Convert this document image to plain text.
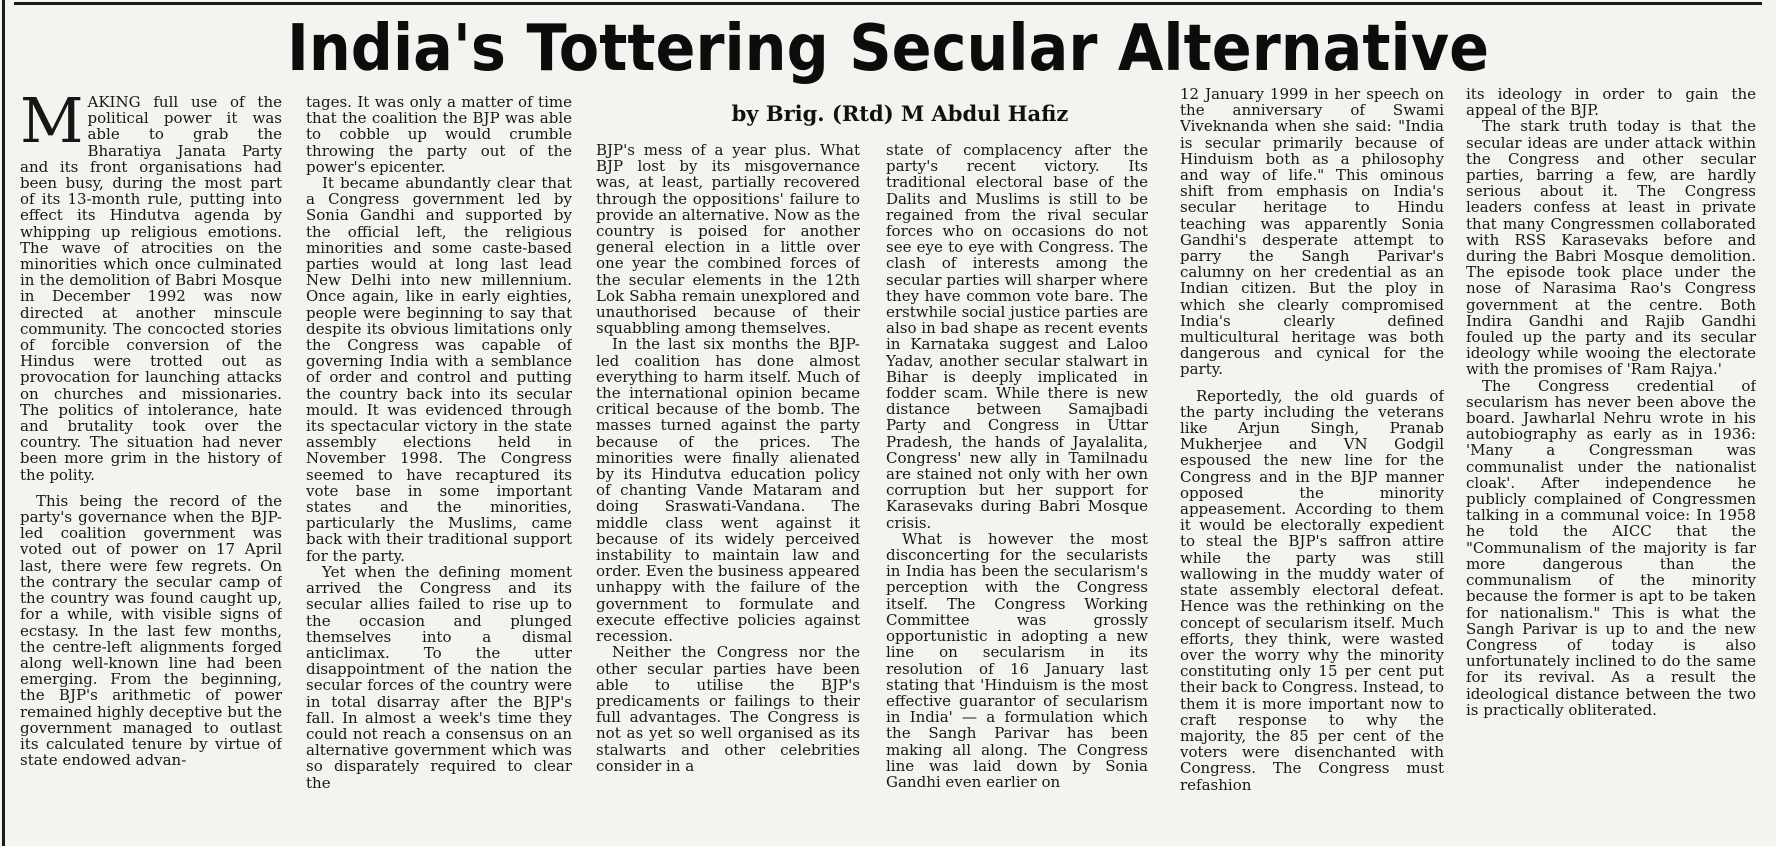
India's Tottering Secular Alternative
by Brig. (Rtd) M Abdul Hafiz

MAKING full use of the political power it was able to grab the Bharatiya Janata Party and its front organisations had been busy, during the most part of its 13-month rule, putting into effect its Hindutva agenda by whipping up religious emotions. The wave of atrocities on the minorities which once culminated in the demolition of Babri Mosque in December 1992 was now directed at another minscule community. The concocted stories of forcible conversion of the Hindus were trotted out as provocation for launching attacks on churches and missionaries. The politics of intolerance, hate and brutality took over the country. The situation had never been more grim in the history of the polity.

This being the record of the party's governance when the BJP-led coalition government was voted out of power on 17 April last, there were few regrets. On the contrary the secular camp of the country was found caught up, for a while, with visible signs of ecstasy. In the last few months, the centre-left alignments forged along well-known line had been emerging. From the beginning, the BJP's arithmetic of power remained highly deceptive but the government managed to outlast its calculated tenure by virtue of state endowed advan-

tages. It was only a matter of time that the coalition the BJP was able to cobble up would crumble throwing the party out of the power's epicenter.

It became abundantly clear that a Congress government led by Sonia Gandhi and supported by the official left, the religious minorities and some caste-based parties would at long last lead New Delhi into new millennium. Once again, like in early eighties, people were beginning to say that despite its obvious limitations only the Congress was capable of governing India with a semblance of order and control and putting the country back into its secular mould. It was evidenced through its spectacular victory in the state assembly elections held in November 1998. The Congress seemed to have recaptured its vote base in some important states and the minorities, particularly the Muslims, came back with their traditional support for the party.

Yet when the defining moment arrived the Congress and its secular allies failed to rise up to the occasion and plunged themselves into a dismal anticlimax. To the utter disappointment of the nation the secular forces of the country were in total disarray after the BJP's fall. In almost a week's time they could not reach a consensus on an alternative government which was so disparately required to clear the

BJP's mess of a year plus. What BJP lost by its misgovernance was, at least, partially recovered through the oppositions' failure to provide an alternative. Now as the country is poised for another general election in a little over one year the combined forces of the secular elements in the 12th Lok Sabha remain unexplored and unauthorised because of their squabbling among themselves.

In the last six months the BJP-led coalition has done almost everything to harm itself. Much of the international opinion became critical because of the bomb. The masses turned against the party because of the prices. The minorities were finally alienated by its Hindutva education policy of chanting Vande Mataram and doing Sraswati-Vandana. The middle class went against it because of its widely perceived instability to maintain law and order. Even the business appeared unhappy with the failure of the government to formulate and execute effective policies against recession.

Neither the Congress nor the other secular parties have been able to utilise the BJP's predicaments or failings to their full advantages. The Congress is not as yet so well organised as its stalwarts and other celebrities consider in a

state of complacency after the party's recent victory. Its traditional electoral base of the Dalits and Muslims is still to be regained from the rival secular forces who on occasions do not see eye to eye with Congress. The clash of interests among the secular parties will sharper where they have common vote bare. The erstwhile social justice parties are also in bad shape as recent events in Karnataka suggest and Laloo Yadav, another secular stalwart in Bihar is deeply implicated in fodder scam. While there is new distance between Samajbadi Party and Congress in Uttar Pradesh, the hands of Jayalalita, Congress' new ally in Tamilnadu are stained not only with her own corruption but her support for Karasevaks during Babri Mosque crisis.

What is however the most disconcerting for the secularists in India has been the secularism's perception with the Congress itself. The Congress Working Committee was grossly opportunistic in adopting a new line on secularism in its resolution of 16 January last stating that 'Hinduism is the most effective guarantor of secularism in India' — a formulation which the Sangh Parivar has been making all along. The Congress line was laid down by Sonia Gandhi even earlier on

12 January 1999 in her speech on the anniversary of Swami Viveknanda when she said: "India is secular primarily because of Hinduism both as a philosophy and way of life." This ominous shift from emphasis on India's secular heritage to Hindu teaching was apparently Sonia Gandhi's desperate attempt to parry the Sangh Parivar's calumny on her credential as an Indian citizen. But the ploy in which she clearly compromised India's clearly defined multicultural heritage was both dangerous and cynical for the party.

Reportedly, the old guards of the party including the veterans like Arjun Singh, Pranab Mukherjee and VN Godgil espoused the new line for the Congress and in the BJP manner opposed the minority appeasement. According to them it would be electorally expedient to steal the BJP's saffron attire while the party was still wallowing in the muddy water of state assembly electoral defeat. Hence was the rethinking on the concept of secularism itself. Much efforts, they think, were wasted over the worry why the minority constituting only 15 per cent put their back to Congress. Instead, to them it is more important now to craft response to why the majority, the 85 per cent of the voters were disenchanted with Congress. The Congress must refashion

its ideology in order to gain the appeal of the BJP.

The stark truth today is that the secular ideas are under attack within the Congress and other secular parties, barring a few, are hardly serious about it. The Congress leaders confess at least in private that many Congressmen collaborated with RSS Karasevaks before and during the Babri Mosque demolition. The episode took place under the nose of Narasima Rao's Congress government at the centre. Both Indira Gandhi and Rajib Gandhi fouled up the party and its secular ideology while wooing the electorate with the promises of 'Ram Rajya.'

The Congress credential of secularism has never been above the board. Jawharlal Nehru wrote in his autobiography as early as in 1936: 'Many a Congressman was communalist under the nationalist cloak'. After independence he publicly complained of Congressmen talking in a communal voice: In 1958 he told the AICC that the "Communalism of the majority is far more dangerous than the communalism of the minority because the former is apt to be taken for nationalism." This is what the Sangh Parivar is up to and the new Congress of today is also unfortunately inclined to do the same for its revival. As a result the ideological distance between the two is practically obliterated.
